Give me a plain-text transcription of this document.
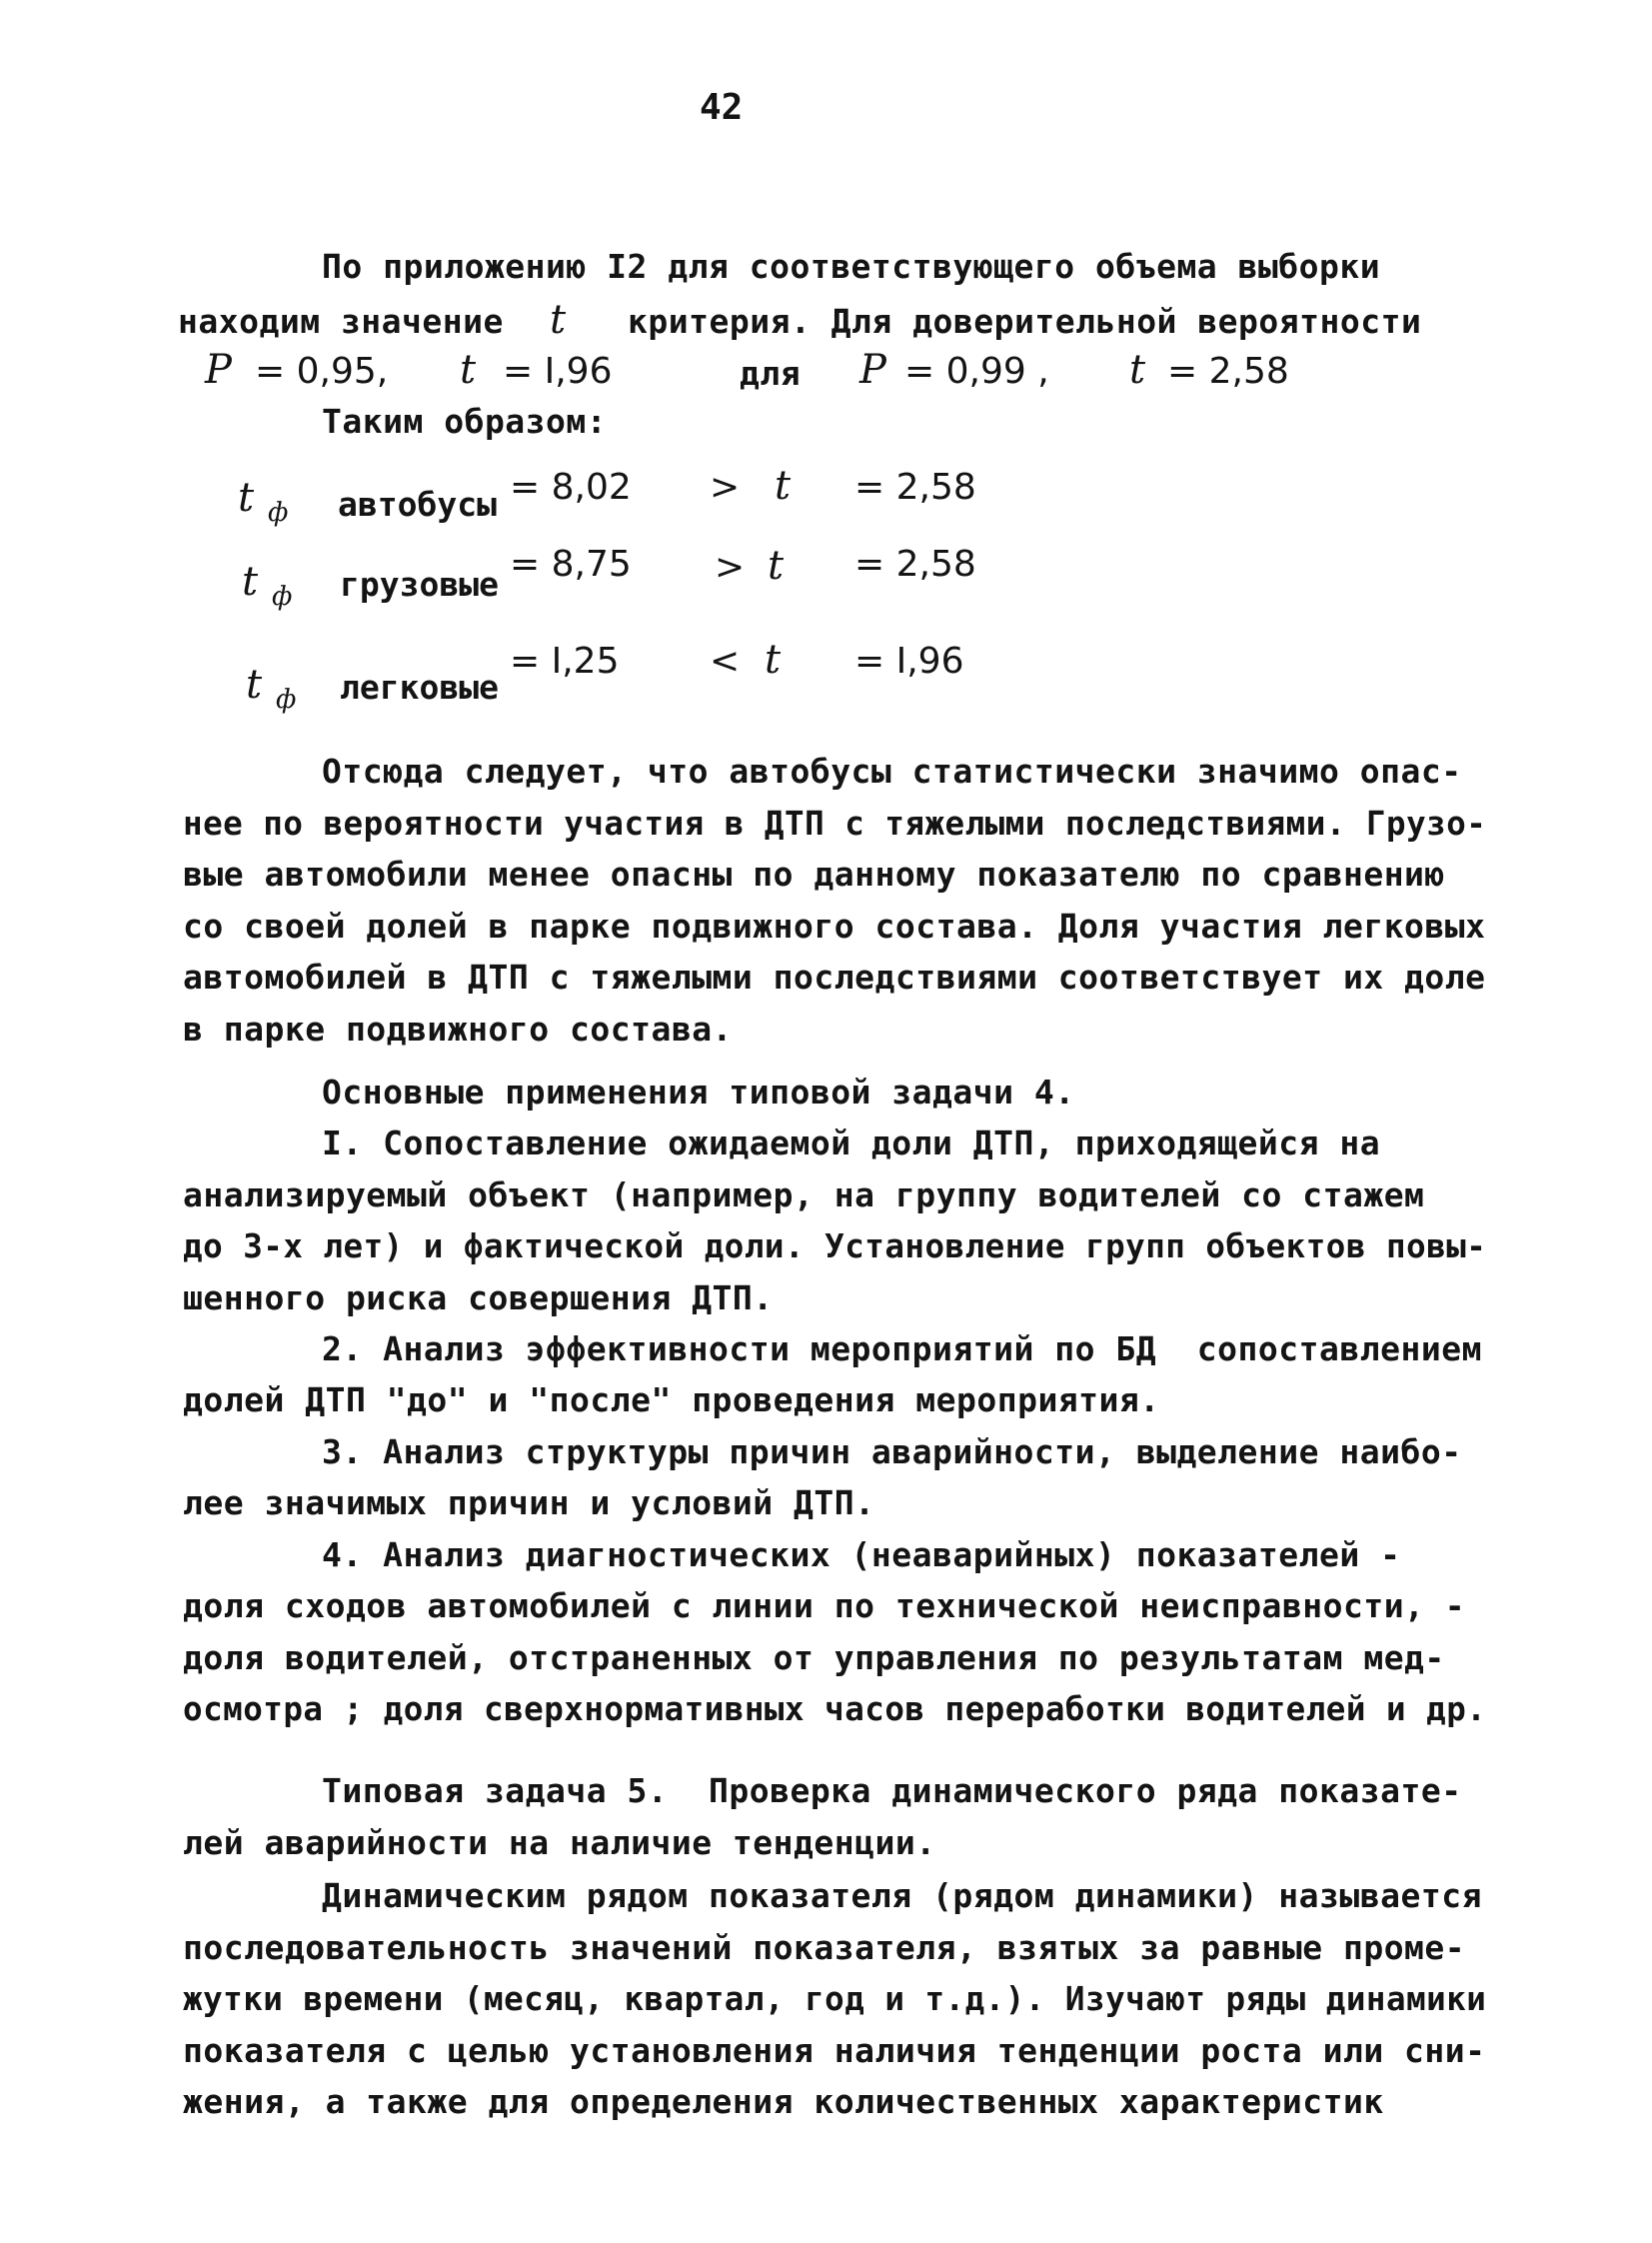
42
По приложению I2 для соответствующего объема выборки
находим значение t критерия. Для доверительной вероятности
P = 0,95, t = I,96	для P = 0,99 , t = 2,58
Таким образом:
t ф автобусы = 8,02 > t = 2,58
t ф грузовые = 8,75 > t = 2,58
t ф легковые
= I,25	< t = I,96
Отсюда следует, что автобусы статистически значимо опас-
нее по вероятности участия в ДТП с тяжелыми последствиями. Грузо-
вые автомобили менее опасны по данному показателю по сравнению
со своей долей в парке подвижного состава. Доля участия легковых
автомобилей в ДТП с тяжелыми последствиями соответствует их доле
в парке подвижного состава.
Основные применения типовой задачи 4.
I. Сопоставление ожидаемой доли ДТП, приходящейся на
анализируемый объект (например, на группу водителей со стажем
до 3-х лет) и фактической доли. Установление групп объектов повы-
шенного риска совершения ДТП.
2. Анализ эффективности мероприятий по БД  сопоставлением
долей ДТП "до" и "после" проведения мероприятия.
3. Анализ структуры причин аварийности, выделение наибо-
лее значимых причин и условий ДТП.
4. Анализ диагностических (неаварийных) показателей -
доля сходов автомобилей с линии по технической неисправности, -
доля водителей, отстраненных от управления по результатам мед-
осмотра ; доля сверхнормативных часов переработки водителей и др.
Типовая задача 5.  Проверка динамического ряда показате-
лей аварийности на наличие тенденции.
Динамическим рядом показателя (рядом динамики) называется
последовательность значений показателя, взятых за равные проме-
жутки времени (месяц, квартал, год и т.д.). Изучают ряды динамики
показателя с целью установления наличия тенденции роста или сни-
жения, а также для определения количественных характеристик
